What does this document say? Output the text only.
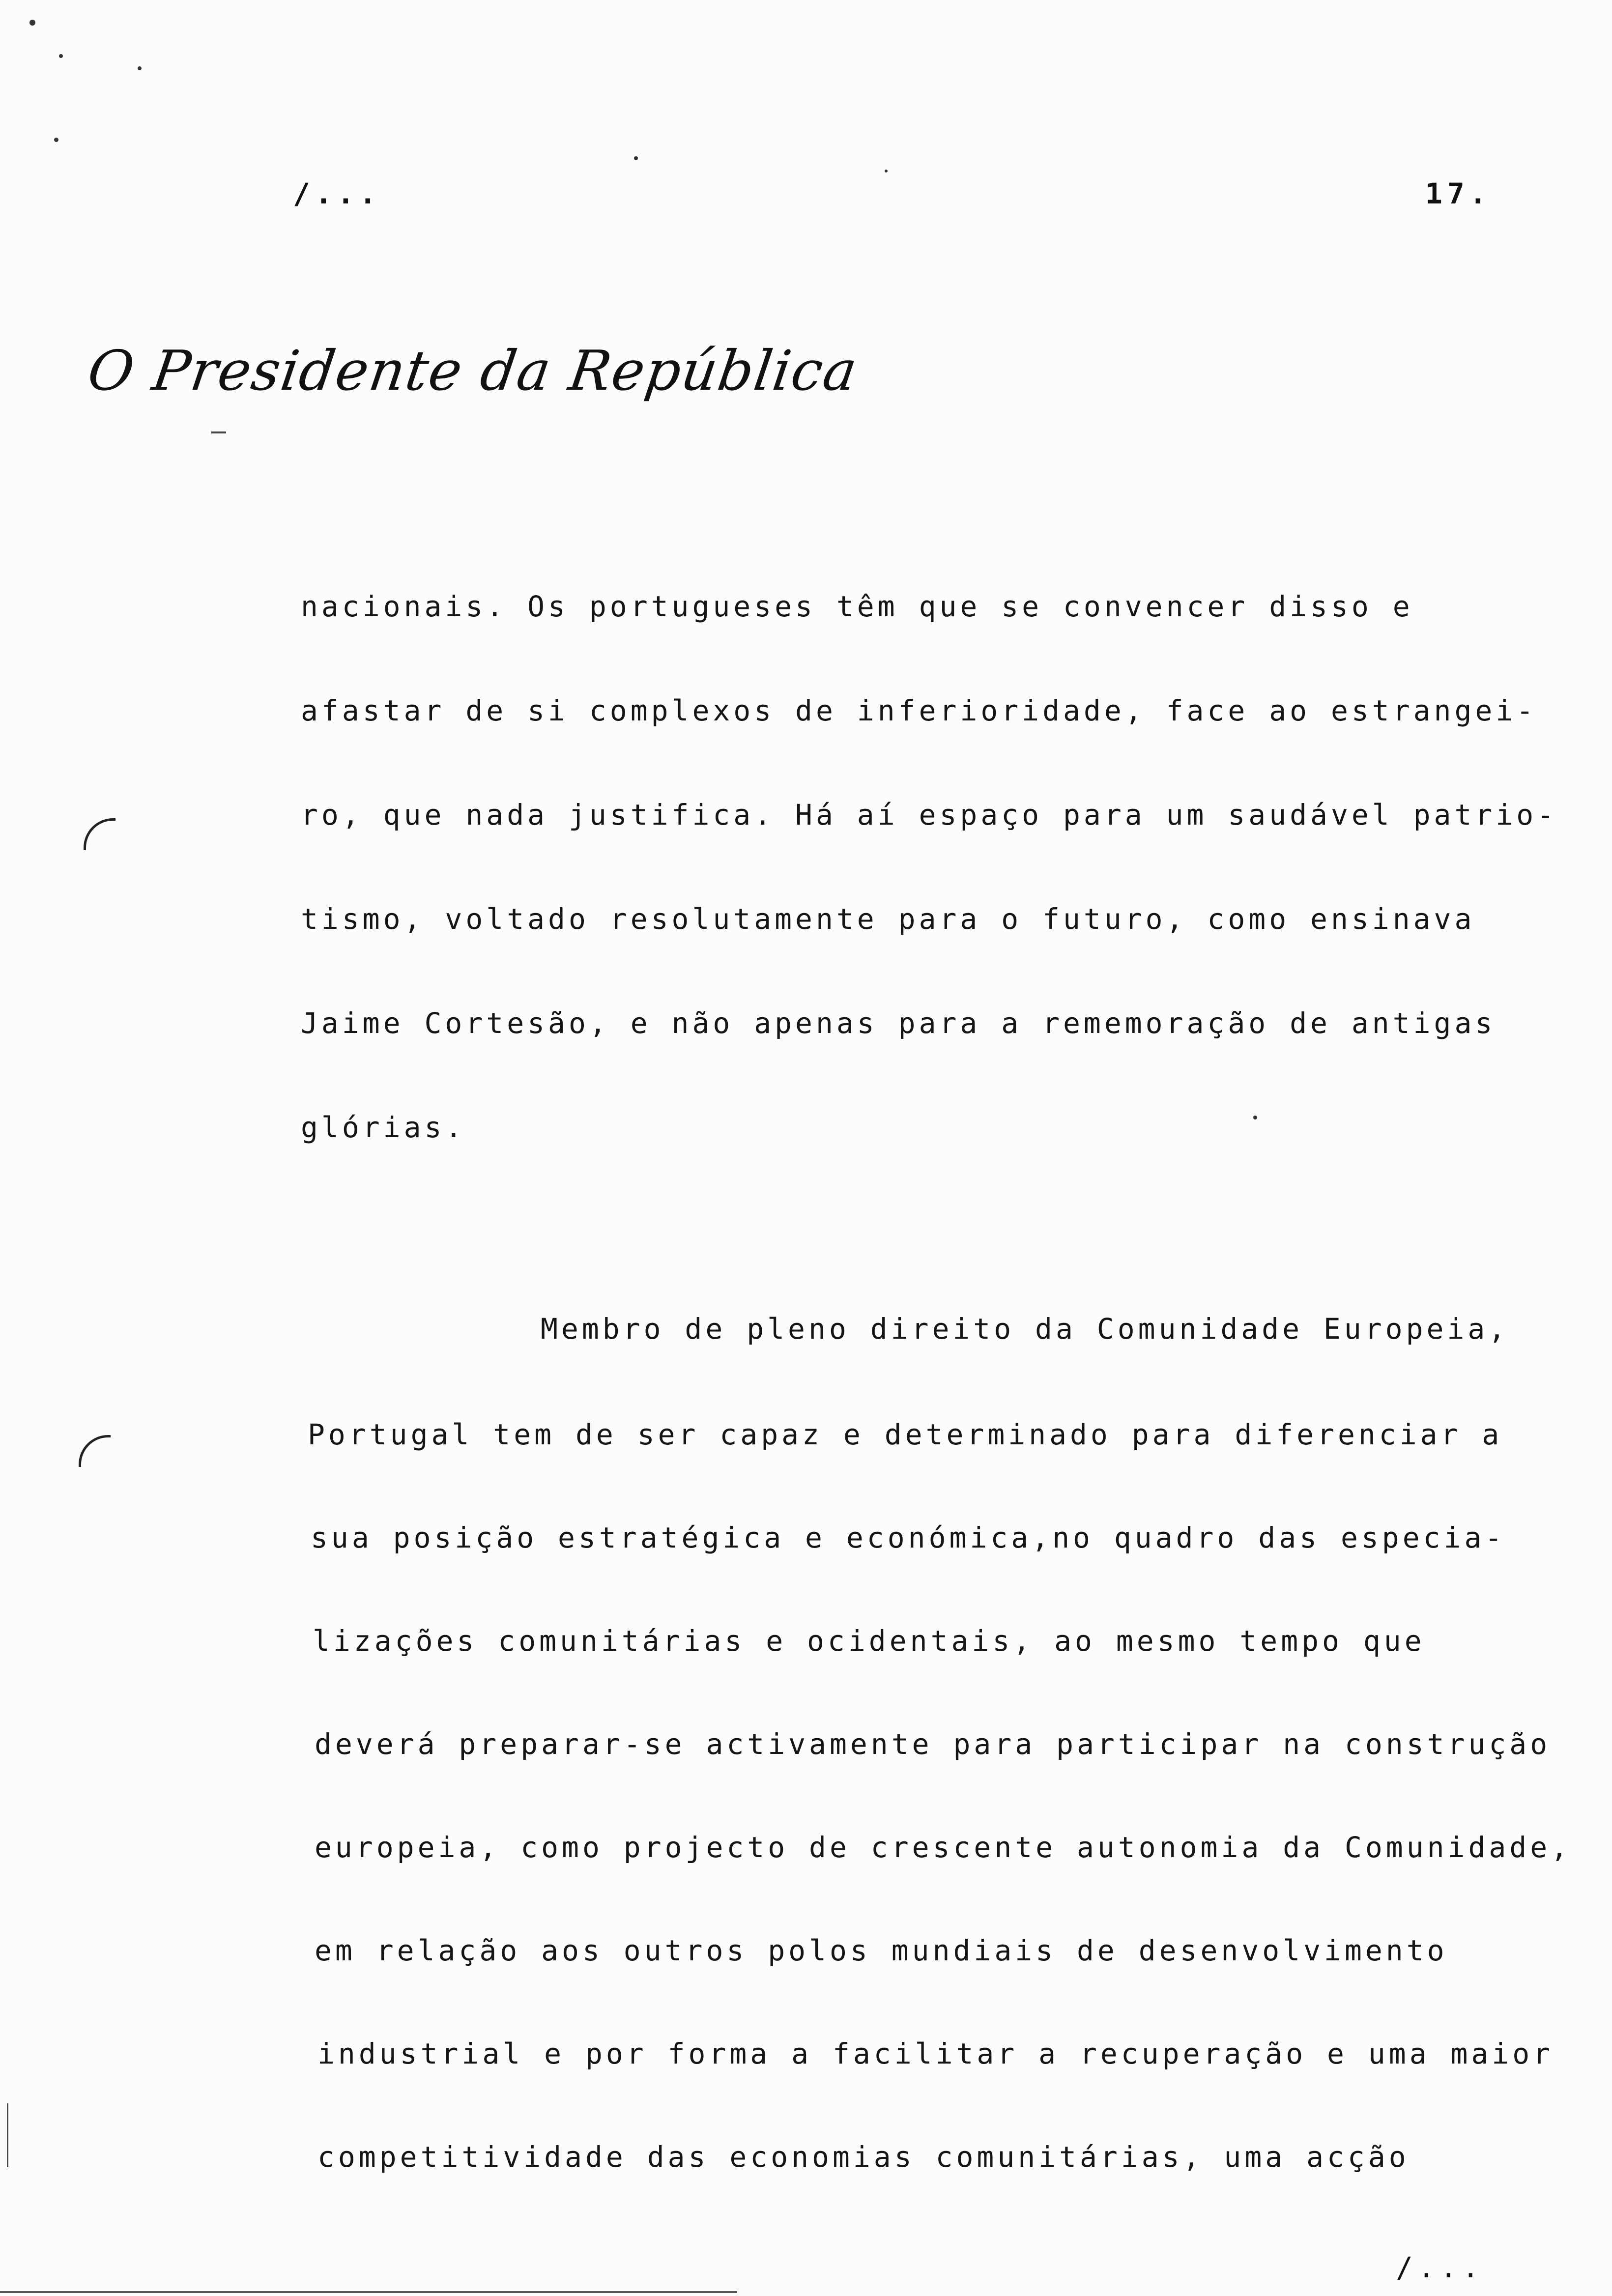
/...	17.
O Presidente da República
nacionais. Os portugueses têm que se convencer disso e
afastar de si complexos de inferioridade, face ao estrangei-
ro, que nada justifica. Há aí espaço para um saudável patrio-
tismo, voltado resolutamente para o futuro, como ensinava
Jaime Cortesão, e não apenas para a rememoração de antigas
glórias.
Membro de pleno direito da Comunidade Europeia,
Portugal tem de ser capaz e determinado para diferenciar a
sua posição estratégica e económica,no quadro das especia-
lizações comunitárias e ocidentais, ao mesmo tempo que
deverá preparar-se activamente para participar na construção
europeia, como projecto de crescente autonomia da Comunidade,
em relação aos outros polos mundiais de desenvolvimento
industrial e por forma a facilitar a recuperação e uma maior
competitividade das economias comunitárias, uma acção
/...
